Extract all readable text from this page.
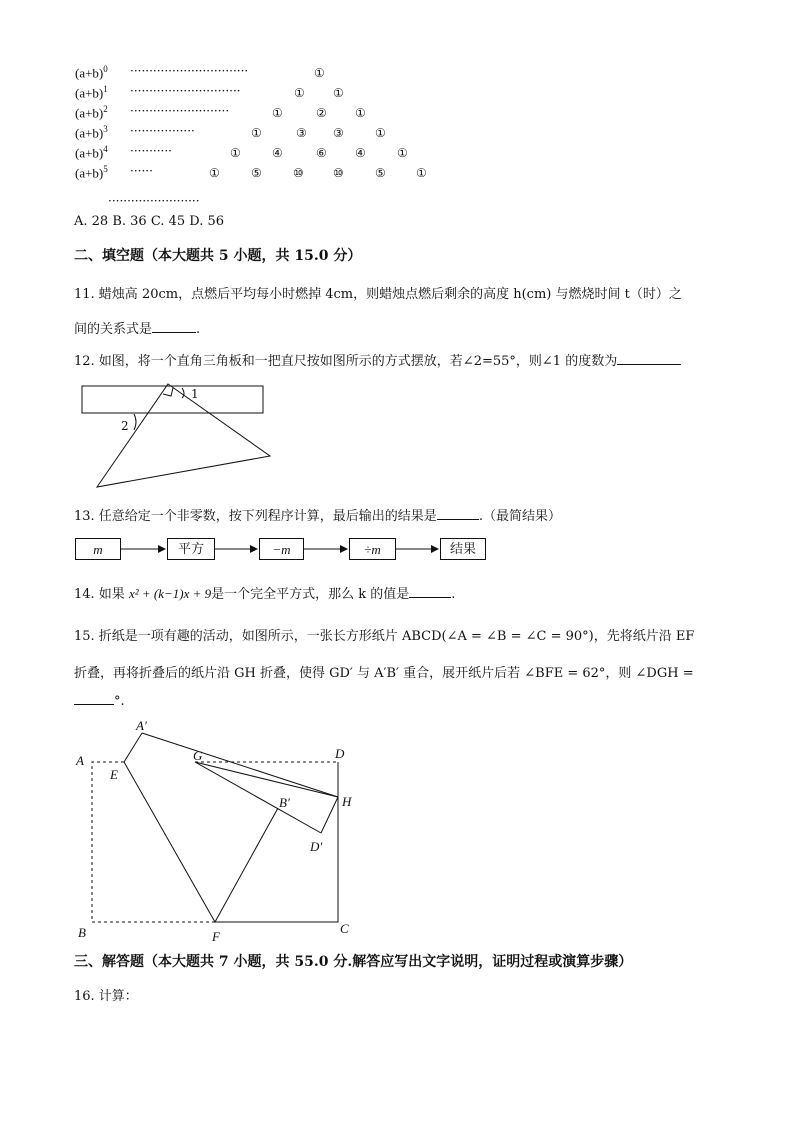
$(a+b)^0$ ·······························	①
$(a+b)^1$ ·····························	① ①
$(a+b)^2$ ··························	①	② ①
$(a+b)^3$ ·················	①	③ ③	①
$(a+b)^4$ ···········	①	④	⑥ ④	①
$(a+b)^5$ ······	①	⑤	⑩ ⑩	⑤	①
························
A. 28 B. 36 C. 45 D. 56
二、填空题（本大题共 5 小题，共 15.0 分）
11. 蜡烛高 20cm，点燃后平均每小时燃掉 4cm，则蜡烛点燃后剩余的高度 h(cm) 与燃烧时间 t（时）之
间的关系式是	.
12. 如图，将一个直角三角板和一把直尺按如图所示的方式摆放，若∠2=55°，则∠1 的度数为
1
2
13. 任意给定一个非零数，按下列程序计算，最后输出的结果是	.（最简结果）
m	平方	−m	÷m	结果
14. 如果 x² + (k−1)x + 9是一个完全平方式，那么 k 的值是	.
15. 折纸是一项有趣的活动，如图所示，一张长方形纸片 ABCD(∠A = ∠B = ∠C = 90°)，先将纸片沿 EF
折叠，再将折叠后的纸片沿 GH 折叠，使得 GD′ 与 A′B′ 重合，展开纸片后若 ∠BFE = 62°，则 ∠DGH =
°.
A
A′
E
G	D
H
B′
D′
B	F
C
三、解答题（本大题共 7 小题，共 55.0 分.解答应写出文字说明，证明过程或演算步骤）
16. 计算：
